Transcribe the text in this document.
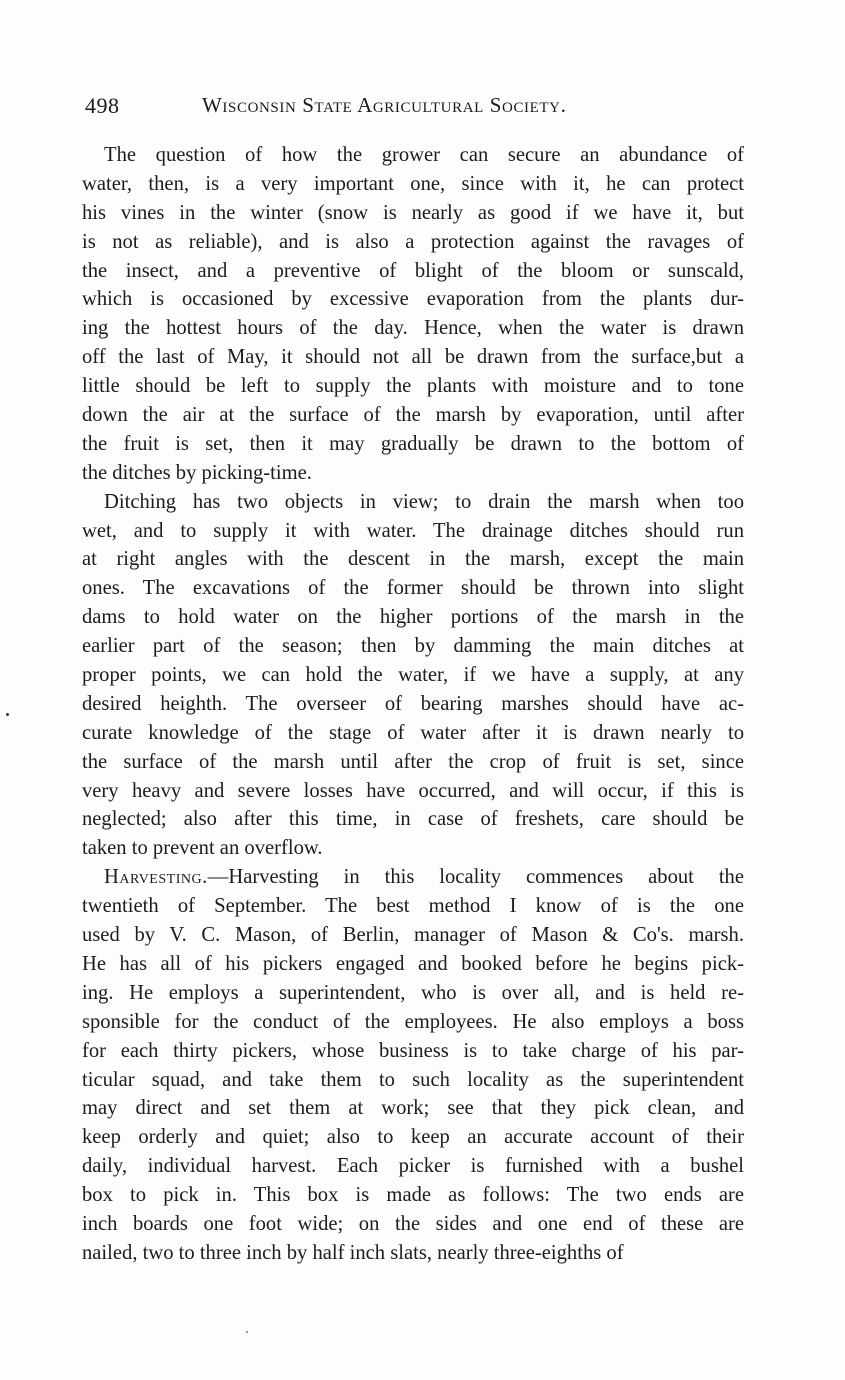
498	Wisconsin State Agricultural Society.
The question of how the grower can secure an abundance of
water, then, is a very important one, since with it, he can protect
his vines in the winter (snow is nearly as good if we have it, but
is not as reliable), and is also a protection against the ravages of
the insect, and a preventive of blight of the bloom or sunscald,
which is occasioned by excessive evaporation from the plants dur-
ing the hottest hours of the day. Hence, when the water is drawn
off the last of May, it should not all be drawn from the surface,but a
little should be left to supply the plants with moisture and to tone
down the air at the surface of the marsh by evaporation, until after
the fruit is set, then it may gradually be drawn to the bottom of
the ditches by picking-time.
Ditching has two objects in view; to drain the marsh when too
wet, and to supply it with water. The drainage ditches should run
at right angles with the descent in the marsh, except the main
ones. The excavations of the former should be thrown into slight
dams to hold water on the higher portions of the marsh in the
earlier part of the season; then by damming the main ditches at
proper points, we can hold the water, if we have a supply, at any
desired heighth. The overseer of bearing marshes should have ac-
curate knowledge of the stage of water after it is drawn nearly to
the surface of the marsh until after the crop of fruit is set, since
very heavy and severe losses have occurred, and will occur, if this is
neglected; also after this time, in case of freshets, care should be
taken to prevent an overflow.
Harvesting.—Harvesting in this locality commences about the
twentieth of September. The best method I know of is the one
used by V. C. Mason, of Berlin, manager of Mason & Co's. marsh.
He has all of his pickers engaged and booked before he begins pick-
ing. He employs a superintendent, who is over all, and is held re-
sponsible for the conduct of the employees. He also employs a boss
for each thirty pickers, whose business is to take charge of his par-
ticular squad, and take them to such locality as the superintendent
may direct and set them at work; see that they pick clean, and
keep orderly and quiet; also to keep an accurate account of their
daily, individual harvest. Each picker is furnished with a bushel
box to pick in. This box is made as follows: The two ends are
inch boards one foot wide; on the sides and one end of these are
nailed, two to three inch by half inch slats, nearly three-eighths of
